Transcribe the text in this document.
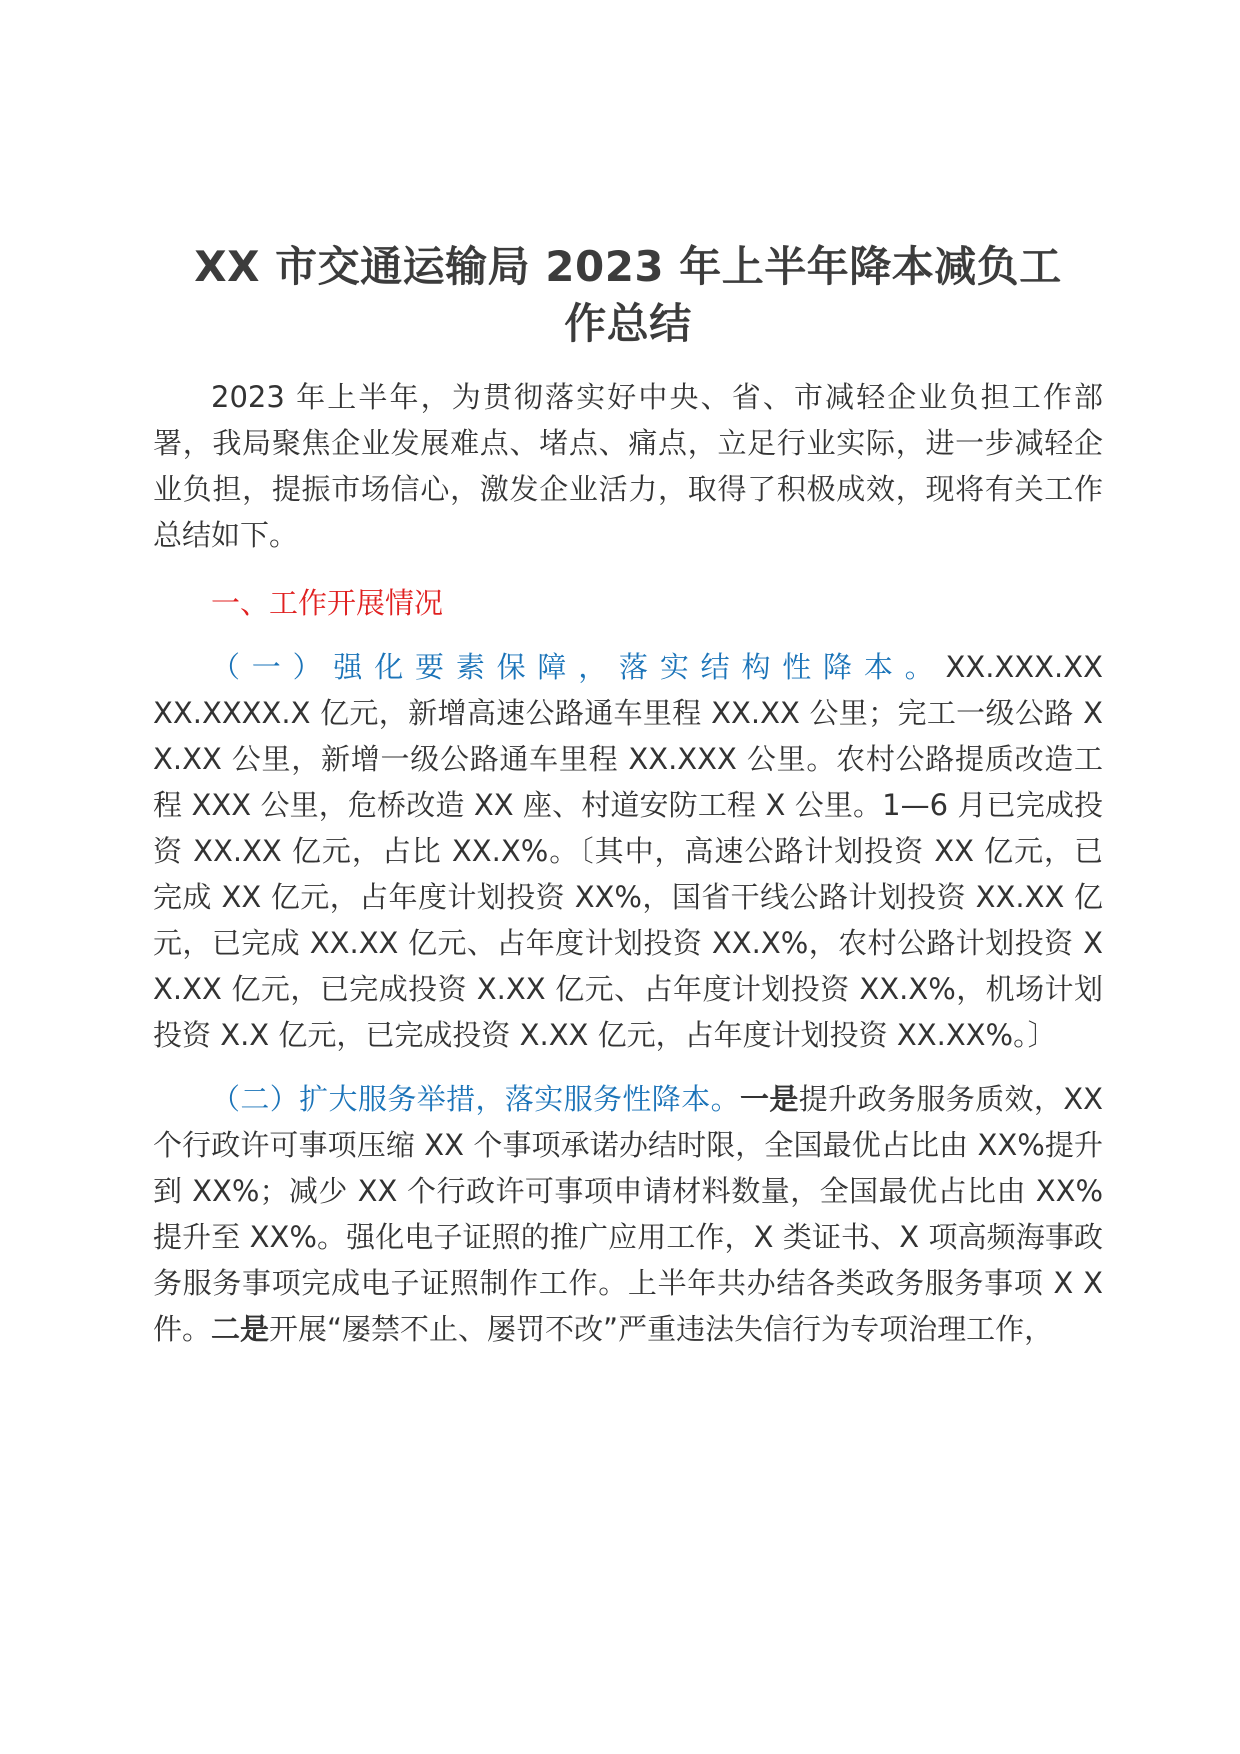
XX 市交通运输局 2023 年上半年降本减负工
作总结

2023 年上半年，为贯彻落实好中央、省、市减轻企业负担工作部署，我局聚焦企业发展难点、堵点、痛点，立足行业实际，进一步减轻企业负担，提振市场信心，激发企业活力，取得了积极成效，现将有关工作总结如下。

一、工作开展情况

（一）强化要素保障，落实结构性降本。XX.XXX.XXXX.XXXX.X 亿元，新增高速公路通车里程 XX.XX 公里；完工一级公路 XX.XX 公里，新增一级公路通车里程 XX.XXX 公里。农村公路提质改造工程 XXX 公里，危桥改造 XX 座、村道安防工程 X 公里。1—6 月已完成投资 XX.XX 亿元，占比 XX.X%。〔其中，高速公路计划投资 XX 亿元，已完成 XX 亿元，占年度计划投资 XX%，国省干线公路计划投资 XX.XX 亿元，已完成 XX.XX 亿元、占年度计划投资 XX.X%，农村公路计划投资 XX.XX 亿元，已完成投资 X.XX 亿元、占年度计划投资 XX.X%，机场计划投资 X.X 亿元，已完成投资 X.XX 亿元，占年度计划投资 XX.XX%。〕

（二）扩大服务举措，落实服务性降本。一是提升政务服务质效，XX 个行政许可事项压缩 XX 个事项承诺办结时限，全国最优占比由 XX%提升到 XX%；减少 XX 个行政许可事项申请材料数量，全国最优占比由 XX%提升至 XX%。强化电子证照的推广应用工作，X 类证书、X 项高频海事政务服务事项完成电子证照制作工作。上半年共办结各类政务服务事项 X X 件。二是开展“屡禁不止、屡罚不改”严重违法失信行为专项治理工作，
